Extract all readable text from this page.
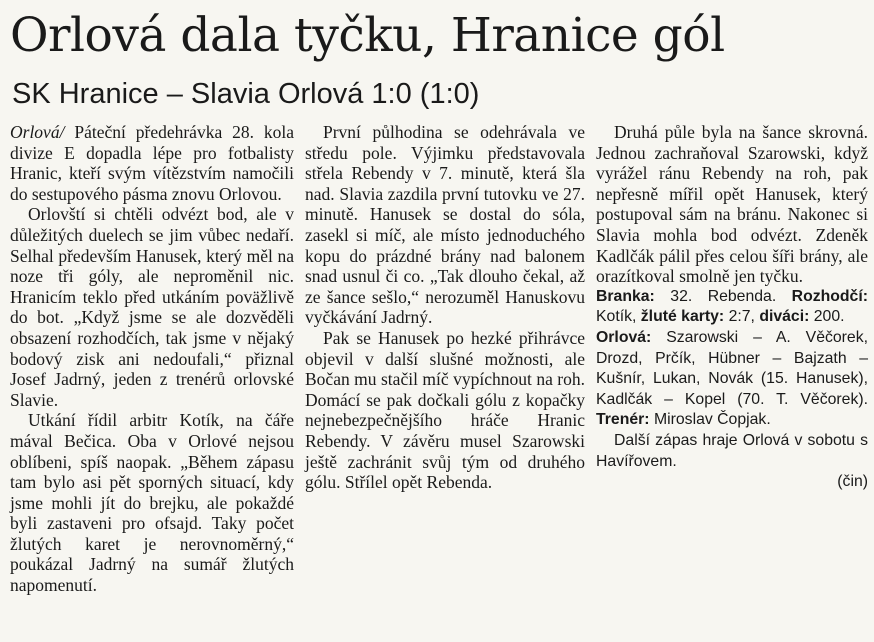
Orlová dala tyčku, Hranice gól
SK Hranice – Slavia Orlová 1:0 (1:0)

Orlová/ Páteční předehrávka 28. kola divize E dopadla lépe pro fotbalisty Hranic, kteří svým vítězstvím namočili do sestupového pásma znovu Orlovou.

Orlovští si chtěli odvézt bod, ale v důležitých duelech se jim vůbec nedaří. Selhal především Hanusek, který měl na noze tři góly, ale neproměnil nic. Hranicím teklo před utkáním poväžlivě do bot. „Když jsme se ale dozvěděli obsazení rozhodčích, tak jsme v nějaký bodový zisk ani nedoufali,“ přiznal Josef Jadrný, jeden z trenérů orlovské Slavie.

Utkání řídil arbitr Kotík, na čáře mával Bečica. Oba v Orlové nejsou oblíbeni, spíš naopak. „Během zápasu tam bylo asi pět sporných situací, kdy jsme mohli jít do brejku, ale pokaždé byli zastaveni pro ofsajd. Taky počet žlutých karet je nerovnoměrný,“ poukázal Jadrný na sumář žlutých napomenutí.

První půlhodina se odehrávala ve středu pole. Výjimku představovala střela Rebendy v 7. minutě, která šla nad. Slavia zazdila první tutovku ve 27. minutě. Hanusek se dostal do sóla, zasekl si míč, ale místo jednoduchého kopu do prázdné brány nad balonem snad usnul či co. „Tak dlouho čekal, až ze šance sešlo,“ nerozuměl Hanuskovu vyčkávání Jadrný.

Pak se Hanusek po hezké přihrávce objevil v další slušné možnosti, ale Bočan mu stačil míč vypíchnout na roh. Domácí se pak dočkali gólu z kopačky nejnebezpečnějšího hráče Hranic Rebendy. V závěru musel Szarowski ještě zachránit svůj tým od druhého gólu. Střílel opět Rebenda.

Druhá půle byla na šance skrovná. Jednou zachraňoval Szarowski, když vyrážel ránu Rebendy na roh, pak nepřesně mířil opět Hanusek, který postupoval sám na bránu. Nakonec si Slavia mohla bod odvézt. Zdeněk Kadlčák pálil přes celou šíři brány, ale orazítkoval smolně jen tyčku.

Branka: 32. Rebenda. Rozhodčí: Kotík, žluté karty: 2:7, diváci: 200.

Orlová: Szarowski – A. Věčorek, Drozd, Prčík, Hübner – Bajzath – Kušnír, Lukan, Novák (15. Hanusek), Kadlčák – Kopel (70. T. Věčorek). Trenér: Miroslav Čopjak.

Další zápas hraje Orlová v sobotu s Havířovem.

(čin)
